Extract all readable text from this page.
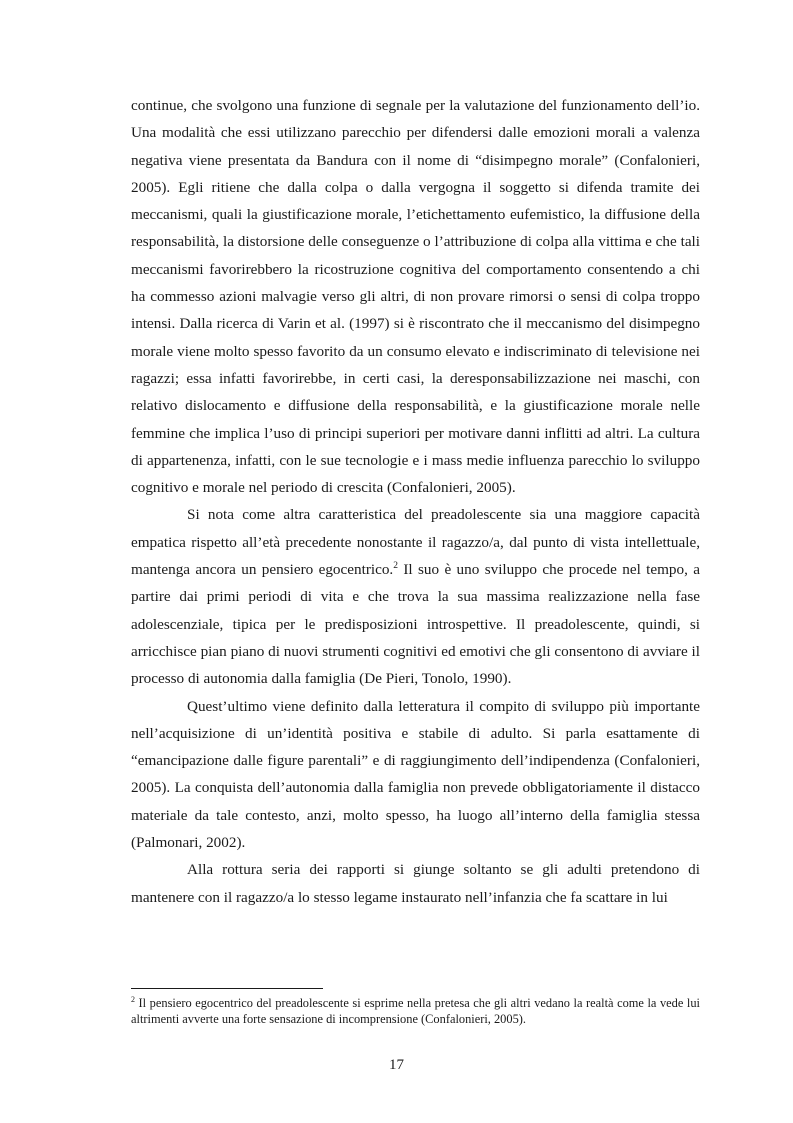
continue, che svolgono una funzione di segnale per la valutazione del funzionamento dell’io. Una modalità che essi utilizzano parecchio per difendersi dalle emozioni morali a valenza negativa viene presentata da Bandura con il nome di “disimpegno morale” (Confalonieri, 2005). Egli ritiene che dalla colpa o dalla vergogna il soggetto si difenda tramite dei meccanismi, quali la giustificazione morale, l’etichettamento eufemistico, la diffusione della responsabilità, la distorsione delle conseguenze o l’attribuzione di colpa alla vittima e che tali meccanismi favorirebbero la ricostruzione cognitiva del comportamento consentendo a chi ha commesso azioni malvagie verso gli altri, di non provare rimorsi o sensi di colpa troppo intensi. Dalla ricerca di Varin et al. (1997) si è riscontrato che il meccanismo del disimpegno morale viene molto spesso favorito da un consumo elevato e indiscriminato di televisione nei ragazzi; essa infatti favorirebbe, in certi casi, la deresponsabilizzazione nei maschi, con relativo dislocamento e diffusione della responsabilità, e la giustificazione morale nelle femmine che implica l’uso di principi superiori per motivare danni inflitti ad altri. La cultura di appartenenza, infatti, con le sue tecnologie e i mass medie influenza parecchio lo sviluppo cognitivo e morale nel periodo di crescita (Confalonieri, 2005).

Si nota come altra caratteristica del preadolescente sia una maggiore capacità empatica rispetto all’età precedente nonostante il ragazzo/a, dal punto di vista intellettuale, mantenga ancora un pensiero egocentrico.$^2$ Il suo è uno sviluppo che procede nel tempo, a partire dai primi periodi di vita e che trova la sua massima realizzazione nella fase adolescenziale, tipica per le predisposizioni introspettive. Il preadolescente, quindi, si arricchisce pian piano di nuovi strumenti cognitivi ed emotivi che gli consentono di avviare il processo di autonomia dalla famiglia (De Pieri, Tonolo, 1990).

Quest’ultimo viene definito dalla letteratura il compito di sviluppo più importante nell’acquisizione di un’identità positiva e stabile di adulto. Si parla esattamente di “emancipazione dalle figure parentali” e di raggiungimento dell’indipendenza (Confalonieri, 2005). La conquista dell’autonomia dalla famiglia non prevede obbligatoriamente il distacco materiale da tale contesto, anzi, molto spesso, ha luogo all’interno della famiglia stessa (Palmonari, 2002).

Alla rottura seria dei rapporti si giunge soltanto se gli adulti pretendono di mantenere con il ragazzo/a lo stesso legame instaurato nell’infanzia che fa scattare in lui

$^2$ Il pensiero egocentrico del preadolescente si esprime nella pretesa che gli altri vedano la realtà come la vede lui altrimenti avverte una forte sensazione di incomprensione (Confalonieri, 2005).

17
